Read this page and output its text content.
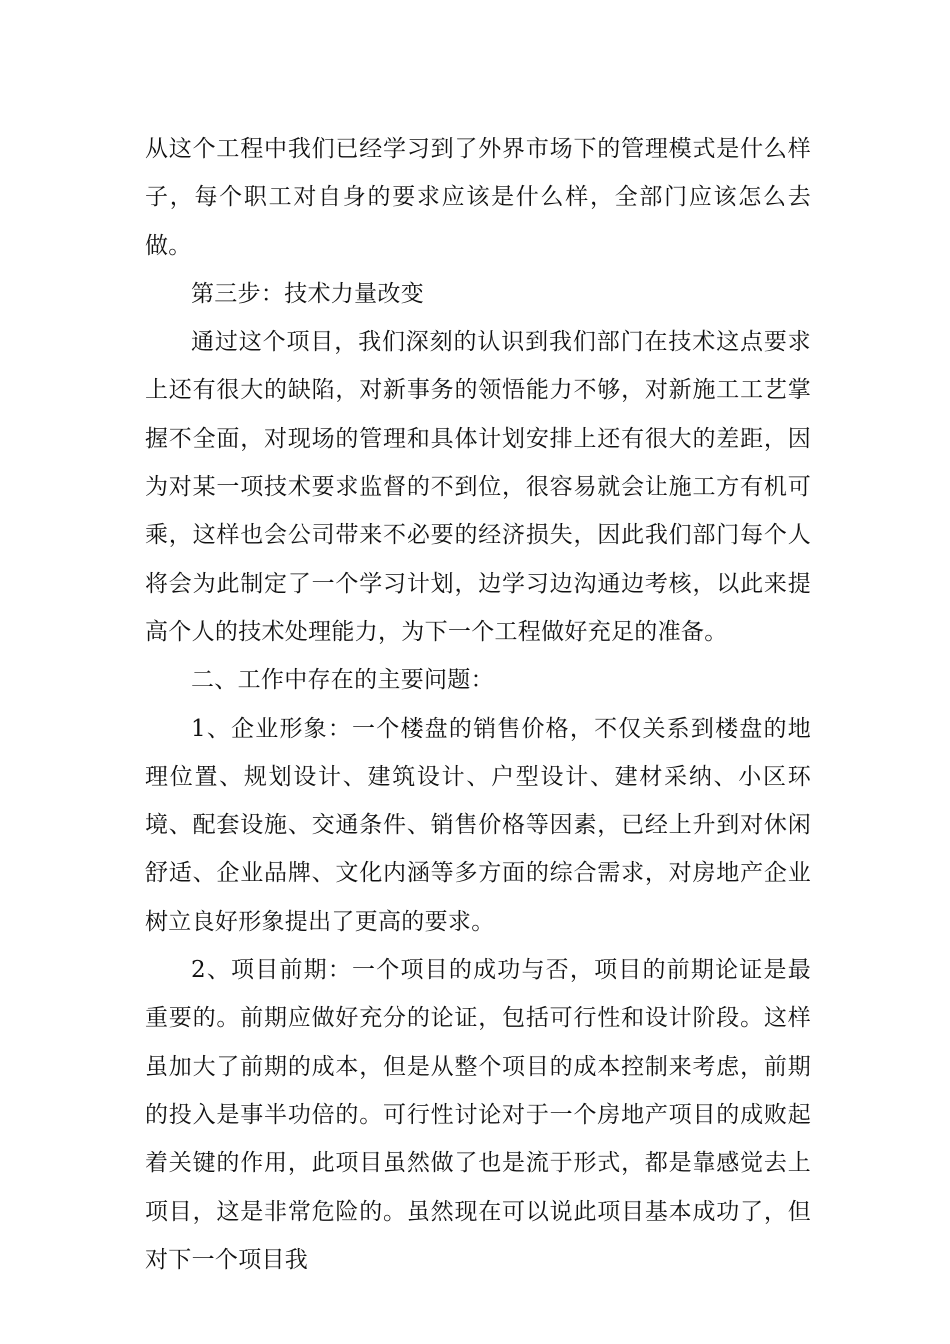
从这个工程中我们已经学习到了外界市场下的管理模式是什么样子，每个职工对自身的要求应该是什么样，全部门应该怎么去做。

第三步：技术力量改变

通过这个项目，我们深刻的认识到我们部门在技术这点要求上还有很大的缺陷，对新事务的领悟能力不够，对新施工工艺掌握不全面，对现场的管理和具体计划安排上还有很大的差距，因为对某一项技术要求监督的不到位，很容易就会让施工方有机可乘，这样也会公司带来不必要的经济损失，因此我们部门每个人将会为此制定了一个学习计划，边学习边沟通边考核，以此来提高个人的技术处理能力，为下一个工程做好充足的准备。

二、工作中存在的主要问题：

1、企业形象：一个楼盘的销售价格，不仅关系到楼盘的地理位置、规划设计、建筑设计、户型设计、建材采纳、小区环境、配套设施、交通条件、销售价格等因素，已经上升到对休闲舒适、企业品牌、文化内涵等多方面的综合需求，对房地产企业树立良好形象提出了更高的要求。

2、项目前期：一个项目的成功与否，项目的前期论证是最重要的。前期应做好充分的论证，包括可行性和设计阶段。这样虽加大了前期的成本，但是从整个项目的成本控制来考虑，前期的投入是事半功倍的。可行性讨论对于一个房地产项目的成败起着关键的作用，此项目虽然做了也是流于形式，都是靠感觉去上项目，这是非常危险的。虽然现在可以说此项目基本成功了，但对下一个项目我
